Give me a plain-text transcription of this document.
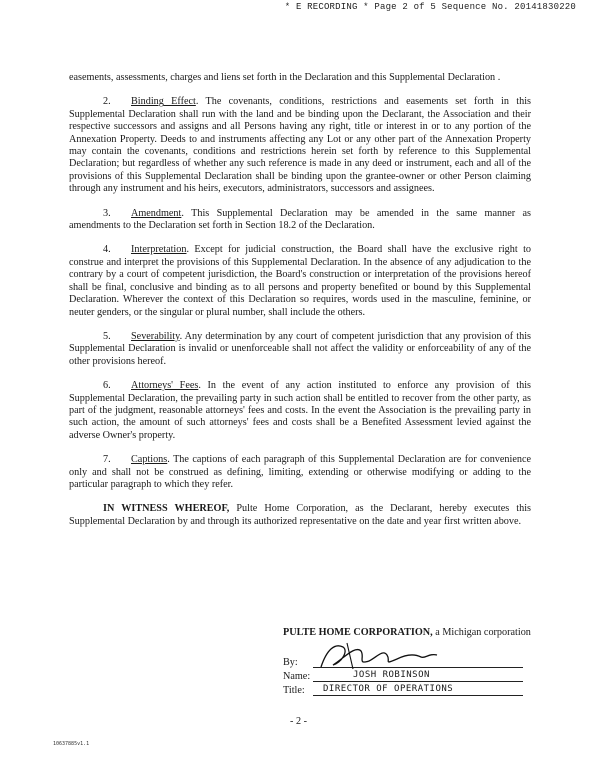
* E RECORDING * Page 2 of 5 Sequence No. 20141830220

easements, assessments, charges and liens set forth in the Declaration and this Supplemental Declaration .

2. Binding Effect. The covenants, conditions, restrictions and easements set forth in this Supplemental Declaration shall run with the land and be binding upon the Declarant, the Association and their respective successors and assigns and all Persons having any right, title or interest in or to any portion of the Annexation Property. Deeds to and instruments affecting any Lot or any other part of the Annexation Property may contain the covenants, conditions and restrictions herein set forth by reference to this Supplemental Declaration; but regardless of whether any such reference is made in any deed or instrument, each and all of the provisions of this Supplemental Declaration shall be binding upon the grantee-owner or other Person claiming through any instrument and his heirs, executors, administrators, successors and assignees.

3. Amendment. This Supplemental Declaration may be amended in the same manner as amendments to the Declaration set forth in Section 18.2 of the Declaration.

4. Interpretation. Except for judicial construction, the Board shall have the exclusive right to construe and interpret the provisions of this Supplemental Declaration. In the absence of any adjudication to the contrary by a court of competent jurisdiction, the Board's construction or interpretation of the provisions hereof shall be final, conclusive and binding as to all persons and property benefited or bound by this Supplemental Declaration. Wherever the context of this Declaration so requires, words used in the masculine, feminine, or neuter genders, or the singular or plural number, shall include the others.

5. Severability. Any determination by any court of competent jurisdiction that any provision of this Supplemental Declaration is invalid or unenforceable shall not affect the validity or enforceability of any of the other provisions hereof.

6. Attorneys' Fees. In the event of any action instituted to enforce any provision of this Supplemental Declaration, the prevailing party in such action shall be entitled to recover from the other party, as part of the judgment, reasonable attorneys' fees and costs. In the event the Association is the prevailing party in such action, the amount of such attorneys' fees and costs shall be a Benefited Assessment levied against the adverse Owner's property.

7. Captions. The captions of each paragraph of this Supplemental Declaration are for convenience only and shall not be construed as defining, limiting, extending or otherwise modifying or adding to the particular paragraph to which they refer.

IN WITNESS WHEREOF, Pulte Home Corporation, as the Declarant, hereby executes this Supplemental Declaration by and through its authorized representative on the date and year first written above.

PULTE HOME CORPORATION, a Michigan corporation
By:
Name:	JOSH ROBINSON
Title: DIRECTOR OF OPERATIONS
- 2 -
10637885v1.1
